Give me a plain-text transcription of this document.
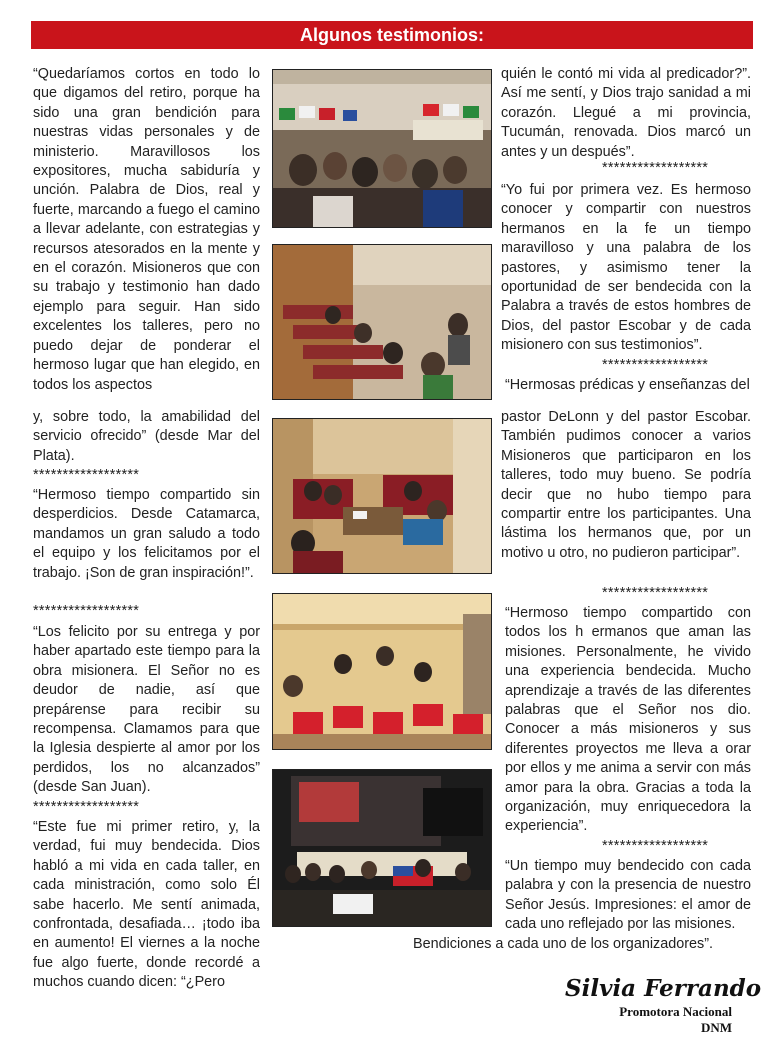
Algunos testimonios:

“Quedaríamos cortos en todo lo que digamos del retiro, porque ha sido una gran bendición para nuestras vidas personales y de ministerio. Maravillosos los expositores, mucha sabiduría y unción. Palabra de Dios, real y fuerte, marcando a fuego el camino a llevar adelante, con estrategias y recursos atesorados en la mente y en el corazón. Misioneros que con su trabajo y testimonio han dado ejemplo para seguir. Han sido excelentes los talleres, pero no puedo dejar de ponderar el hermoso lugar que han elegido, en todos los aspectos

y, sobre todo, la amabilidad del servicio ofrecido” (desde Mar del Plata).

******************

“Hermoso tiempo compartido sin desperdicios. Desde Catamarca, mandamos un gran saludo a todo el equipo y los felicitamos por el trabajo. ¡Son de gran inspiración!”.

******************

“Los felicito por su entrega y por haber apartado este tiempo para la obra misionera. El Señor no es deudor de nadie, así que prepárense para recibir su recompensa. Clamamos para que la Iglesia despierte al amor por los perdidos, los no alcanzados” (desde San Juan).

******************

“Este fue mi primer retiro, y, la verdad, fui muy bendecida. Dios habló a mi vida en cada taller, en cada ministración, como solo Él sabe hacerlo. Me sentí animada, confrontada, desafiada… ¡todo iba en aumento! El viernes a la noche fue algo fuerte, donde recordé a muchos cuando dicen: “¿Pero

quién le contó mi vida al predicador?”. Así me sentí, y Dios trajo sanidad a mi corazón. Llegué a mi provincia, Tucumán, renovada. Dios marcó un antes y un después”.

******************

“Yo fui por primera vez. Es hermoso conocer y compartir con nuestros hermanos en la fe un tiempo maravilloso y una palabra de los pastores, y asimismo tener la oportunidad de ser bendecida con la Palabra a través de estos hombres de Dios, del pastor Escobar y de cada misionero con sus testimonios”.

******************

“Hermosas prédicas y enseñanzas del

pastor DeLonn y del pastor Escobar. También pudimos conocer a varios Misioneros que participaron en los talleres, todo muy bueno. Se podría decir que no hubo tiempo para compartir entre los participantes. Una lástima los hermanos que, por un motivo u otro, no pudieron participar”.

******************

“Hermoso tiempo compartido con todos los h ermanos que aman las misiones. Personalmente, he vivido una experiencia bendecida. Mucho aprendizaje a través de las diferentes palabras que el Señor nos dio. Conocer a más misioneros y sus diferentes proyectos me lleva a orar por ellos y me anima a servir con más amor para la obra. Gracias a toda la organización, muy enriquecedora la experiencia”.

******************

“Un tiempo muy bendecido con cada palabra y con la presencia de nuestro Señor Jesús. Impresiones: el amor de cada uno reflejado por las misiones.

Bendiciones a cada uno de los organizadores”.

Silvia Ferrando
Promotora Nacional
DNM
